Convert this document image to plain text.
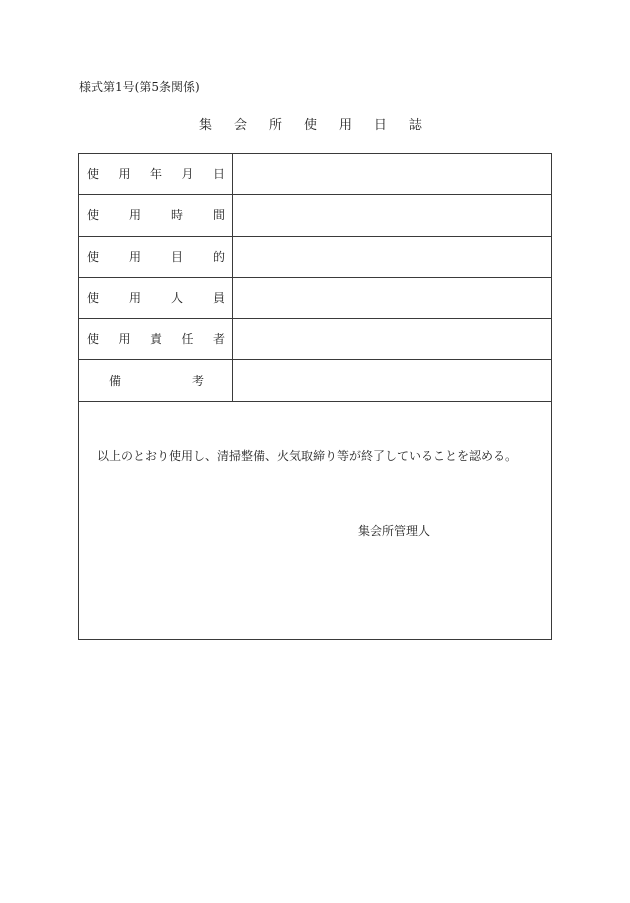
様式第1号(第5条関係)
集 会 所 使 用 日 誌
使 用 年 月 日
使 用 時 間
使 用 目 的
使 用 人 員
使 用 責 任 者
備	考
以上のとおり使用し、清掃整備、火気取締り等が終了していることを認める。
集会所管理人
